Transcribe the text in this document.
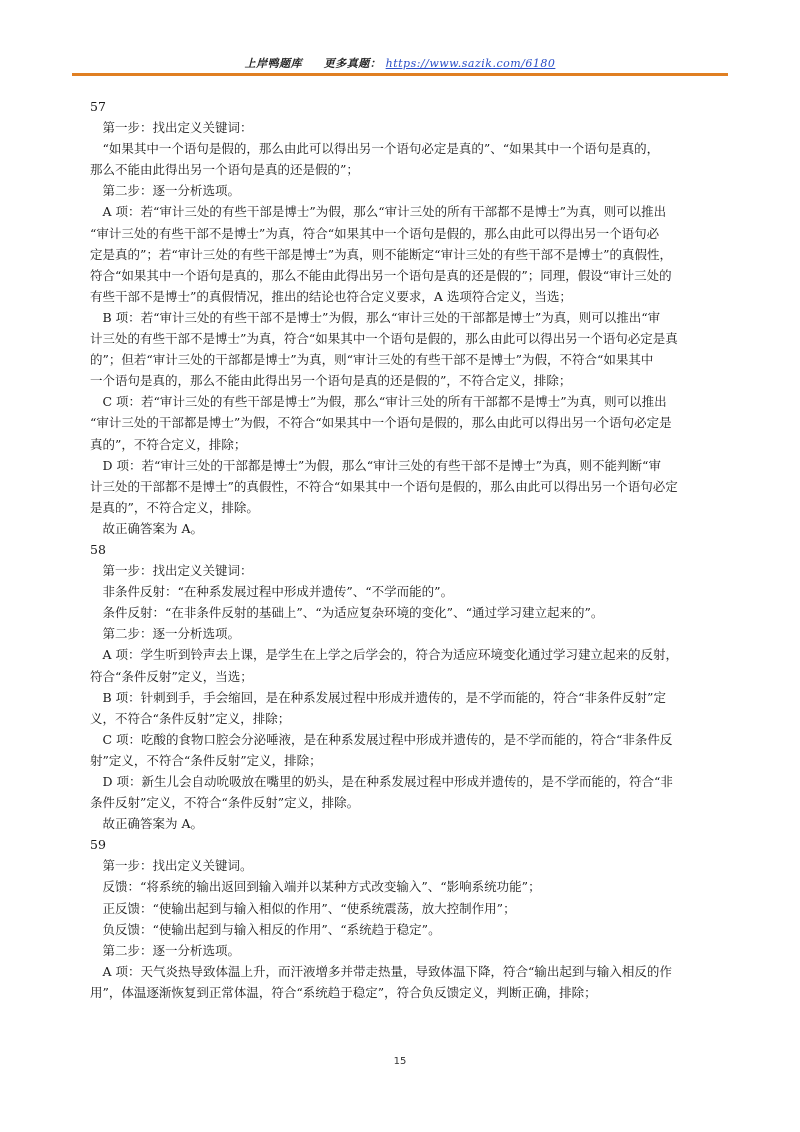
上岸鸭题库 更多真题： https://www.sazik.com/6180
57
　第一步：找出定义关键词：
　“如果其中一个语句是假的，那么由此可以得出另一个语句必定是真的”、“如果其中一个语句是真的，
那么不能由此得出另一个语句是真的还是假的”；
　第二步：逐一分析选项。
　A 项：若“审计三处的有些干部是博士”为假，那么“审计三处的所有干部都不是博士”为真，则可以推出
“审计三处的有些干部不是博士”为真，符合“如果其中一个语句是假的，那么由此可以得出另一个语句必
定是真的”；若“审计三处的有些干部是博士”为真，则不能断定“审计三处的有些干部不是博士”的真假性，
符合“如果其中一个语句是真的，那么不能由此得出另一个语句是真的还是假的”；同理，假设“审计三处的
有些干部不是博士”的真假情况，推出的结论也符合定义要求，A 选项符合定义，当选；
　B 项：若“审计三处的有些干部不是博士”为假，那么“审计三处的干部都是博士”为真，则可以推出“审
计三处的有些干部不是博士”为真，符合“如果其中一个语句是假的，那么由此可以得出另一个语句必定是真
的”；但若“审计三处的干部都是博士”为真，则“审计三处的有些干部不是博士”为假，不符合“如果其中
一个语句是真的，那么不能由此得出另一个语句是真的还是假的”，不符合定义，排除；
　C 项：若“审计三处的有些干部是博士”为假，那么“审计三处的所有干部都不是博士”为真，则可以推出
“审计三处的干部都是博士”为假，不符合“如果其中一个语句是假的，那么由此可以得出另一个语句必定是
真的”，不符合定义，排除；
　D 项：若“审计三处的干部都是博士”为假，那么“审计三处的有些干部不是博士”为真，则不能判断“审
计三处的干部都不是博士”的真假性，不符合“如果其中一个语句是假的，那么由此可以得出另一个语句必定
是真的”，不符合定义，排除。
　故正确答案为 A。
58
　第一步：找出定义关键词：
　非条件反射：“在种系发展过程中形成并遗传”、“不学而能的”。
　条件反射：“在非条件反射的基础上”、“为适应复杂环境的变化”、“通过学习建立起来的”。
　第二步：逐一分析选项。
　A 项：学生听到铃声去上课，是学生在上学之后学会的，符合为适应环境变化通过学习建立起来的反射，
符合“条件反射”定义，当选；
　B 项：针刺到手，手会缩回，是在种系发展过程中形成并遗传的，是不学而能的，符合“非条件反射”定
义，不符合“条件反射”定义，排除；
　C 项：吃酸的食物口腔会分泌唾液，是在种系发展过程中形成并遗传的，是不学而能的，符合“非条件反
射”定义，不符合“条件反射”定义，排除；
　D 项：新生儿会自动吮吸放在嘴里的奶头，是在种系发展过程中形成并遗传的，是不学而能的，符合“非
条件反射”定义，不符合“条件反射”定义，排除。
　故正确答案为 A。
59
　第一步：找出定义关键词。
　反馈：“将系统的输出返回到输入端并以某种方式改变输入”、“影响系统功能”；
　正反馈：“使输出起到与输入相似的作用”、“使系统震荡，放大控制作用”；
　负反馈：“使输出起到与输入相反的作用”、“系统趋于稳定”。
　第二步：逐一分析选项。
　A 项：天气炎热导致体温上升，而汗液增多并带走热量，导致体温下降，符合“输出起到与输入相反的作
用”，体温逐渐恢复到正常体温，符合“系统趋于稳定”，符合负反馈定义，判断正确，排除；
15
